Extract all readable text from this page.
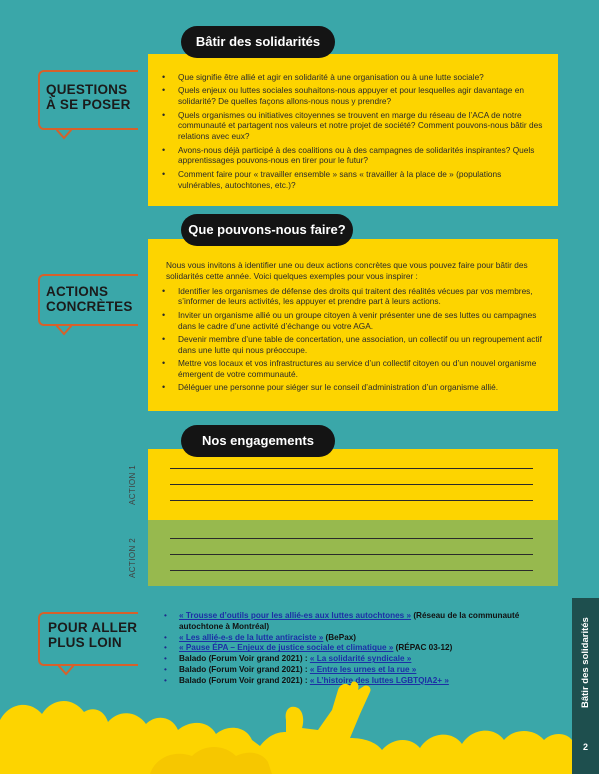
Bâtir des solidarités
• Que signifie être allié et agir en solidarité à une organisation ou à une lutte sociale?
• Quels enjeux ou luttes sociales souhaitons-nous appuyer et pour lesquelles agir davantage en solidarité? De quelles façons allons-nous nous y prendre?
• Quels organismes ou initiatives citoyennes se trouvent en marge du réseau de l’ACA de notre communauté et partagent nos valeurs et notre projet de société? Comment pouvons-nous bâtir des relations avec eux?
• Avons-nous déjà participé à des coalitions ou à des campagnes de solidarités inspirantes? Quels apprentissages pouvons-nous en tirer pour le futur?
• Comment faire pour « travailler ensemble » sans « travailler à la place de » (populations vulnérables, autochtones, etc.)?
QUESTIONS
À SE POSER
Que pouvons-nous faire?

Nous vous invitons à identifier une ou deux actions concrètes que vous pouvez faire pour bâtir des solidarités cette année. Voici quelques exemples pour vous inspirer :

• Identifier les organismes de défense des droits qui traitent des réalités vécues par vos membres, s’informer de leurs activités, les appuyer et prendre part à leurs actions.
• Inviter un organisme allié ou un groupe citoyen à venir présenter une de ses luttes ou campagnes dans le cadre d’une activité d’échange ou votre AGA.
• Devenir membre d’une table de concertation, une association, un collectif ou un regroupement actif dans une lutte qui nous préoccupe.
• Mettre vos locaux et vos infrastructures au service d’un collectif citoyen ou d’un nouvel organisme émergent de votre communauté.
• Déléguer une personne pour siéger sur le conseil d’administration d’un organisme allié.
ACTIONS
CONCRÈTES
Nos engagements
ACTION 1
ACTION 2
POUR ALLER
PLUS LOIN
• « Trousse d’outils pour les allié-es aux luttes autochtones » (Réseau de la communauté autochtone à Montréal)
• « Les allié-e-s de la lutte antiraciste » (BePax)
• « Pause ÉPA – Enjeux de justice sociale et climatique » (RÉPAC 03-12)
• Balado (Forum Voir grand 2021) : « La solidarité syndicale »
• Balado (Forum Voir grand 2021) : « Entre les urnes et la rue »
• Balado (Forum Voir grand 2021) : « L’histoire des luttes LGBTQIA2+ »	Bâtir des solidarités
2
